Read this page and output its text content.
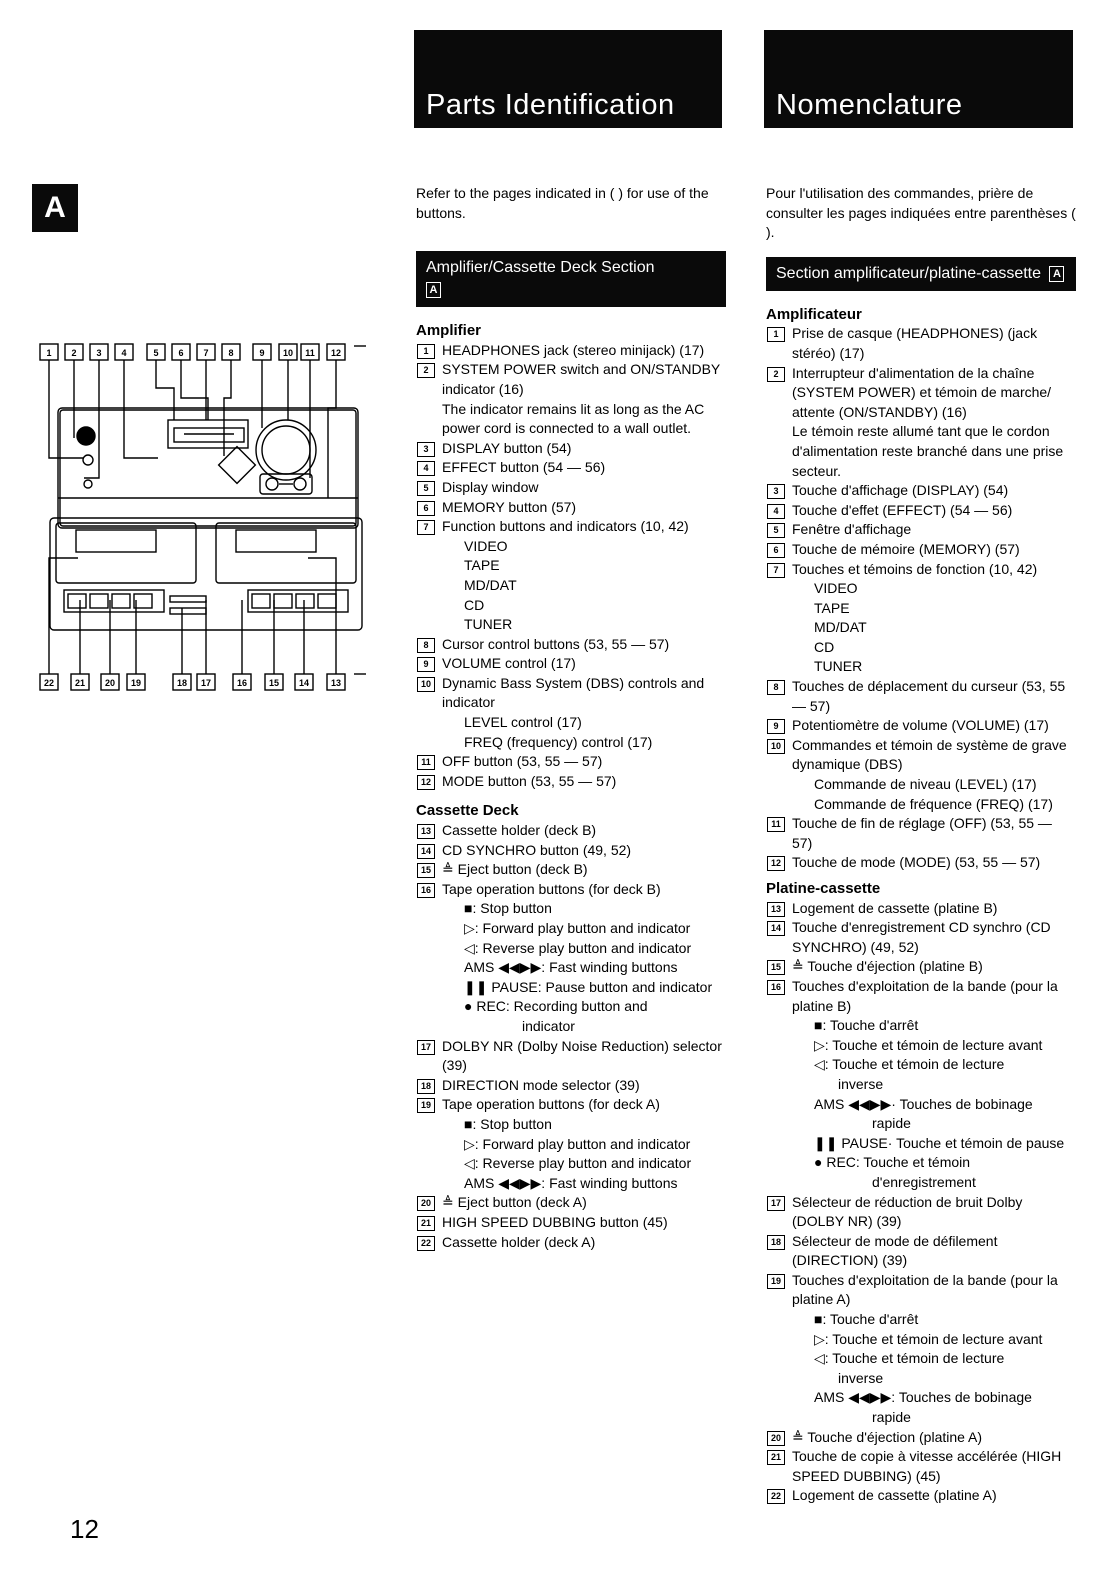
Parts Identification	Nomenclature
A
1 2 3 4	5 6 7 8	9 10 11 12
22 21 20 19	18 17	16 15 14 13

Refer to the pages indicated in ( ) for use of the buttons.

Amplifier/Cassette Deck Section
A
Amplifier
1 HEADPHONES jack (stereo minijack) (17)
2 SYSTEM POWER switch and ON/STANDBY indicator (16)
The indicator remains lit as long as the AC power cord is connected to a wall outlet.
3 DISPLAY button (54)
4 EFFECT button (54 — 56)
5 Display window
6 MEMORY button (57)
7 Function buttons and indicators (10, 42)
VIDEO
TAPE
MD/DAT
CD
TUNER
8 Cursor control buttons (53, 55 — 57)
9 VOLUME control (17)
10 Dynamic Bass System (DBS) controls and indicator
LEVEL control (17)
FREQ (frequency) control (17)
11 OFF button (53, 55 — 57)
12 MODE button (53, 55 — 57)
Cassette Deck
13 Cassette holder (deck B)
14 CD SYNCHRO button (49, 52)
15 ≜ Eject button (deck B)
16 Tape operation buttons (for deck B)
■: Stop button
▷: Forward play button and indicator
◁: Reverse play button and indicator
AMS ◀◀▶▶: Fast winding buttons
❚❚ PAUSE: Pause button and indicator
● REC: Recording button and
indicator
17 DOLBY NR (Dolby Noise Reduction) selector (39)
18 DIRECTION mode selector (39)
19 Tape operation buttons (for deck A)
■: Stop button
▷: Forward play button and indicator
◁: Reverse play button and indicator
AMS ◀◀▶▶: Fast winding buttons
20 ≜ Eject button (deck A)
21 HIGH SPEED DUBBING button (45)
22 Cassette holder (deck A)

Pour l'utilisation des commandes, prière de consulter les pages indiquées entre parenthèses ( ).

Section amplificateur/platine-cassette A
Amplificateur
1 Prise de casque (HEADPHONES) (jack stéréo) (17)
2 Interrupteur d'alimentation de la chaîne (SYSTEM POWER) et témoin de marche/ attente (ON/STANDBY) (16)
Le témoin reste allumé tant que le cordon d'alimentation reste branché dans une prise secteur.
3 Touche d'affichage (DISPLAY) (54)
4 Touche d'effet (EFFECT) (54 — 56)
5 Fenêtre d'affichage
6 Touche de mémoire (MEMORY) (57)
7 Touches et témoins de fonction (10, 42)
VIDEO
TAPE
MD/DAT
CD
TUNER
8 Touches de déplacement du curseur (53, 55 — 57)
9 Potentiomètre de volume (VOLUME) (17)
10 Commandes et témoin de système de grave dynamique (DBS)
Commande de niveau (LEVEL) (17)
Commande de fréquence (FREQ) (17)
11 Touche de fin de réglage (OFF) (53, 55 — 57)
12 Touche de mode (MODE) (53, 55 — 57)
Platine-cassette
13 Logement de cassette (platine B)
14 Touche d'enregistrement CD synchro (CD SYNCHRO) (49, 52)
15 ≜ Touche d'éjection (platine B)
16 Touches d'exploitation de la bande (pour la platine B)
■: Touche d'arrêt
▷: Touche et témoin de lecture avant
◁: Touche et témoin de lecture
inverse
AMS ◀◀▶▶· Touches de bobinage
rapide
❚❚ PAUSE· Touche et témoin de pause
● REC: Touche et témoin
d'enregistrement
17 Sélecteur de réduction de bruit Dolby (DOLBY NR) (39)
18 Sélecteur de mode de défilement (DIRECTION) (39)
19 Touches d'exploitation de la bande (pour la platine A)
■: Touche d'arrêt
▷: Touche et témoin de lecture avant
◁: Touche et témoin de lecture
inverse
AMS ◀◀▶▶: Touches de bobinage
rapide
20 ≜ Touche d'éjection (platine A)
21 Touche de copie à vitesse accélérée (HIGH SPEED DUBBING) (45)
22 Logement de cassette (platine A)
12
